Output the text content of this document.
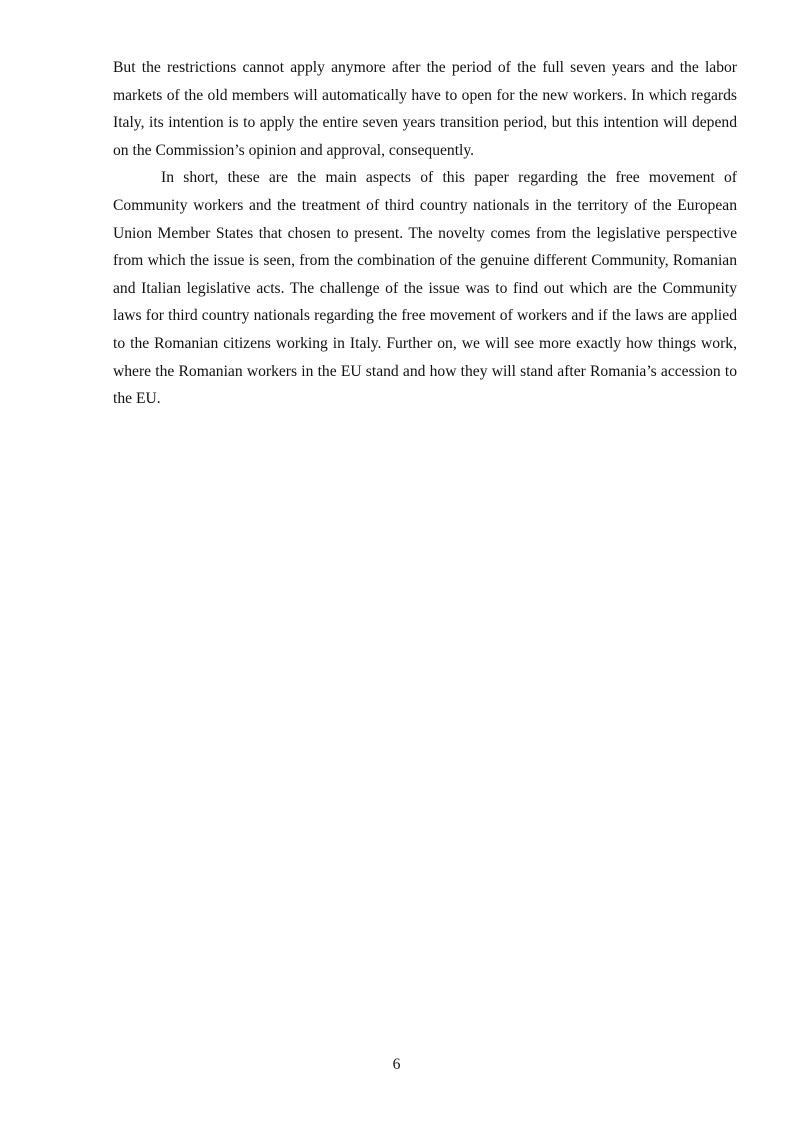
But the restrictions cannot apply anymore after the period of the full seven years and the labor markets of the old members will automatically have to open for the new workers. In which regards Italy, its intention is to apply the entire seven years transition period, but this intention will depend on the Commission’s opinion and approval, consequently.

In short, these are the main aspects of this paper regarding the free movement of Community workers and the treatment of third country nationals in the territory of the European Union Member States that chosen to present. The novelty comes from the legislative perspective from which the issue is seen, from the combination of the genuine different Community, Romanian and Italian legislative acts. The challenge of the issue was to find out which are the Community laws for third country nationals regarding the free movement of workers and if the laws are applied to the Romanian citizens working in Italy. Further on, we will see more exactly how things work, where the Romanian workers in the EU stand and how they will stand after Romania’s accession to the EU.

6
